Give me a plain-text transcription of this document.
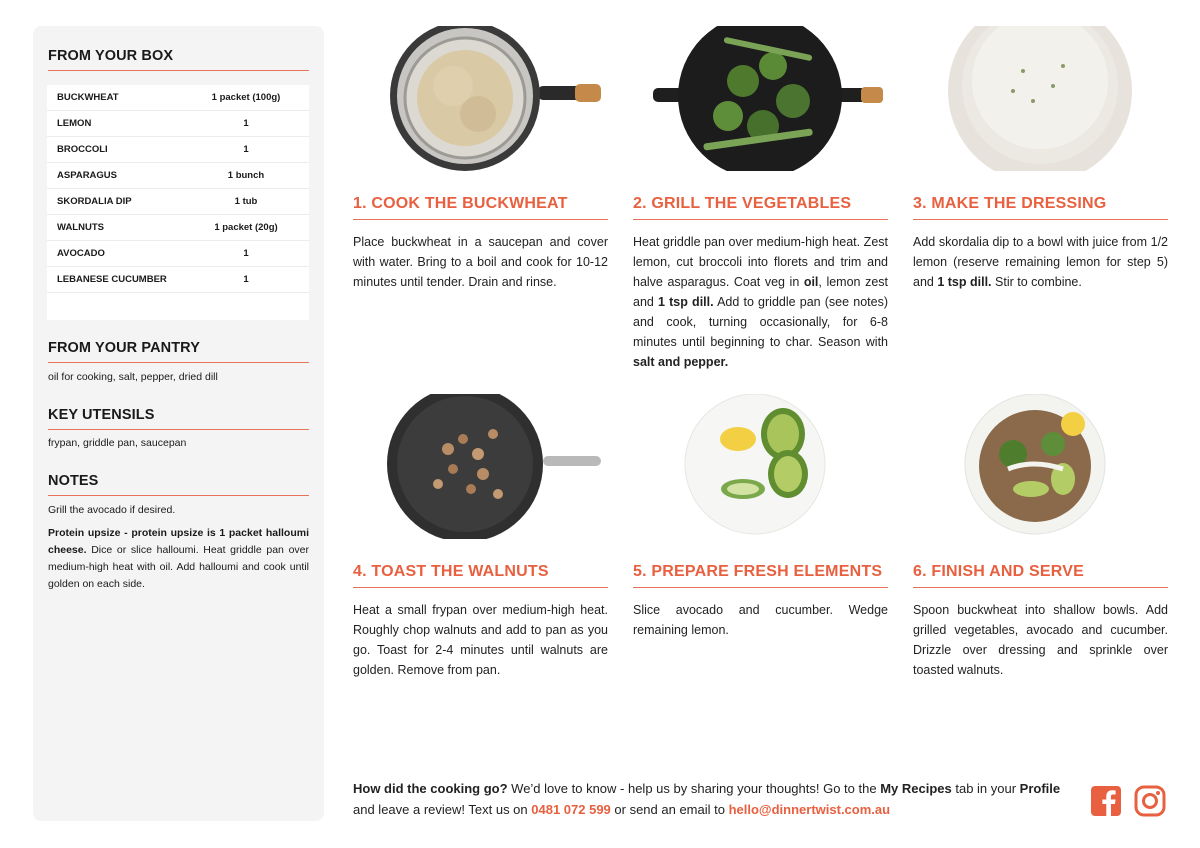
FROM YOUR BOX
BUCKWHEAT	1 packet (100g)
LEMON	1
BROCCOLI	1
ASPARAGUS	1 bunch
SKORDALIA DIP	1 tub
WALNUTS	1 packet (20g)
AVOCADO	1
LEBANESE CUCUMBER	1
FROM YOUR PANTRY
oil for cooking, salt, pepper, dried dill
KEY UTENSILS
frypan, griddle pan, saucepan
NOTES
Grill the avocado if desired.
Protein upsize - protein upsize is 1 packet halloumi cheese. Dice or slice halloumi. Heat griddle pan over medium-high heat with oil. Add halloumi and cook until golden on each side.
1. COOK THE BUCKWHEAT

Place buckwheat in a saucepan and cover with water. Bring to a boil and cook for 10-12 minutes until tender. Drain and rinse.

2. GRILL THE VEGETABLES

Heat griddle pan over medium-high heat. Zest lemon, cut broccoli into florets and trim and halve asparagus. Coat veg in oil, lemon zest and 1 tsp dill. Add to griddle pan (see notes) and cook, turning occasionally, for 6-8 minutes until beginning to char. Season with salt and pepper.

3. MAKE THE DRESSING

Add skordalia dip to a bowl with juice from 1/2 lemon (reserve remaining lemon for step 5) and 1 tsp dill. Stir to combine.

4. TOAST THE WALNUTS

Heat a small frypan over medium-high heat. Roughly chop walnuts and add to pan as you go. Toast for 2-4 minutes until walnuts are golden. Remove from pan.

5. PREPARE FRESH ELEMENTS

Slice avocado and cucumber. Wedge remaining lemon.

6. FINISH AND SERVE

Spoon buckwheat into shallow bowls. Add grilled vegetables, avocado and cucumber. Drizzle over dressing and sprinkle over toasted walnuts.

How did the cooking go? We’d love to know - help us by sharing your thoughts! Go to the My Recipes tab in your Profile and leave a review! Text us on 0481 072 599 or send an email to hello@dinnertwist.com.au
